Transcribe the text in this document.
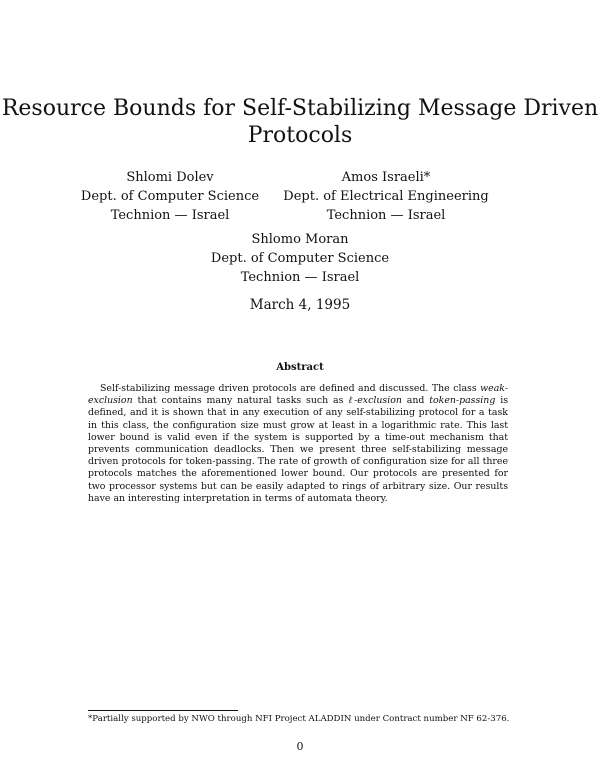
Resource Bounds for Self-Stabilizing Message Driven
Protocols
Shlomi Dolev
Dept. of Computer Science
Technion — Israel
Amos Israeli*
Dept. of Electrical Engineering
Technion — Israel
Shlomo Moran
Dept. of Computer Science
Technion — Israel
March 4, 1995
Abstract
Self-stabilizing message driven protocols are defined and discussed. The class weak-exclusion that contains many natural tasks such as ℓ-exclusion and token-passing is defined, and it is shown that in any execution of any self-stabilizing protocol for a task in this class, the configuration size must grow at least in a logarithmic rate. This last lower bound is valid even if the system is supported by a time-out mechanism that prevents communication deadlocks. Then we present three self-stabilizing message driven protocols for token-passing. The rate of growth of configuration size for all three protocols matches the aforementioned lower bound. Our protocols are presented for two processor systems but can be easily adapted to rings of arbitrary size. Our results have an interesting interpretation in terms of automata theory.
*Partially supported by NWO through NFI Project ALADDIN under Contract number NF 62-376.
0
